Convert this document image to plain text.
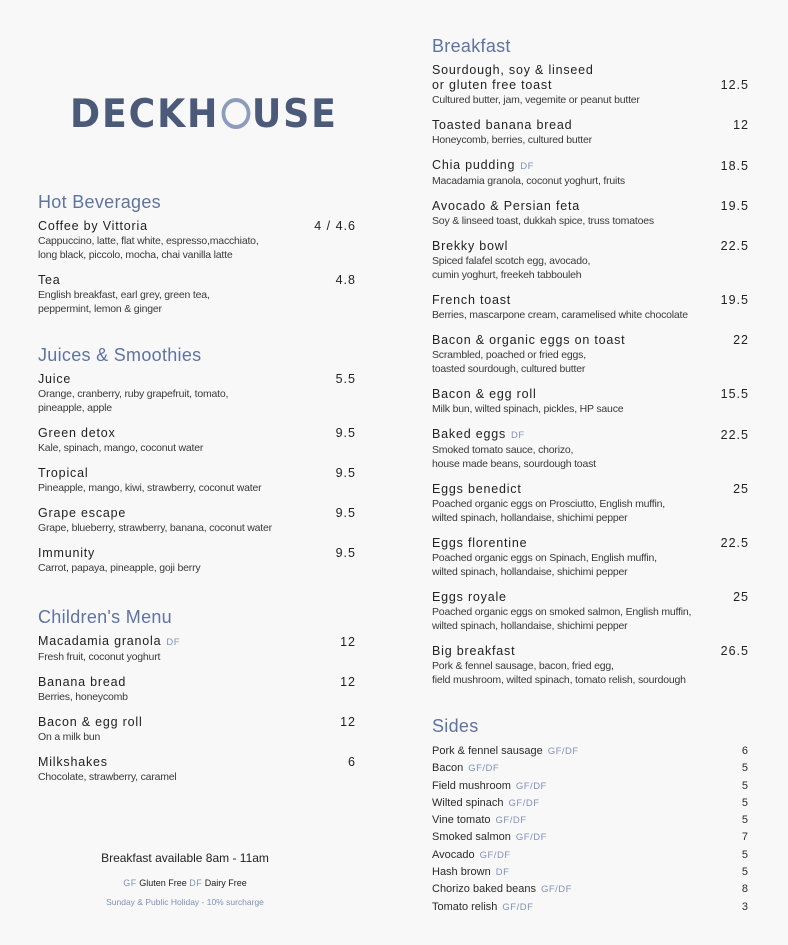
DECKH USE
Hot Beverages
Coffee by Vittoria	4 / 4.6
Cappuccino, latte, flat white, espresso,macchiato,
long black, piccolo, mocha, chai vanilla latte
Tea	4.8
English breakfast, earl grey, green tea,
peppermint, lemon & ginger
Juices & Smoothies
Juice	5.5
Orange, cranberry, ruby grapefruit, tomato,
pineapple, apple
Green detox	9.5
Kale, spinach, mango, coconut water
Tropical	9.5
Pineapple, mango, kiwi, strawberry, coconut water
Grape escape	9.5
Grape, blueberry, strawberry, banana, coconut water
Immunity	9.5
Carrot, papaya, pineapple, goji berry
Children's Menu
Macadamia granola DF	12
Fresh fruit, coconut yoghurt
Banana bread	12
Berries, honeycomb
Bacon & egg roll	12
On a milk bun
Milkshakes	6
Chocolate, strawberry, caramel
Breakfast
Sourdough, soy & linseed
or gluten free toast	12.5
Cultured butter, jam, vegemite or peanut butter
Toasted banana bread	12
Honeycomb, berries, cultured butter
Chia pudding DF	18.5
Macadamia granola, coconut yoghurt, fruits
Avocado & Persian feta	19.5
Soy & linseed toast, dukkah spice, truss tomatoes
Brekky bowl	22.5
Spiced falafel scotch egg, avocado,
cumin yoghurt, freekeh tabbouleh
French toast	19.5
Berries, mascarpone cream, caramelised white chocolate
Bacon & organic eggs on toast	22
Scrambled, poached or fried eggs,
toasted sourdough, cultured butter
Bacon & egg roll	15.5
Milk bun, wilted spinach, pickles, HP sauce
Baked eggs DF	22.5
Smoked tomato sauce, chorizo,
house made beans, sourdough toast
Eggs benedict	25
Poached organic eggs on Prosciutto, English muffin,
wilted spinach, hollandaise, shichimi pepper
Eggs florentine	22.5
Poached organic eggs on Spinach, English muffin,
wilted spinach, hollandaise, shichimi pepper
Eggs royale	25
Poached organic eggs on smoked salmon, English muffin,
wilted spinach, hollandaise, shichimi pepper
Big breakfast	26.5
Pork & fennel sausage, bacon, fried egg,
field mushroom, wilted spinach, tomato relish, sourdough
Sides
Pork & fennel sausage GF/DF	6
Bacon GF/DF	5
Field mushroom GF/DF	5
Wilted spinach GF/DF	5
Vine tomato GF/DF	5
Smoked salmon GF/DF	7
Avocado GF/DF	5
Hash brown DF	5
Chorizo baked beans GF/DF	8
Tomato relish GF/DF	3
Breakfast available 8am - 11am
GF Gluten Free DF Dairy Free
Sunday & Public Holiday - 10% surcharge
